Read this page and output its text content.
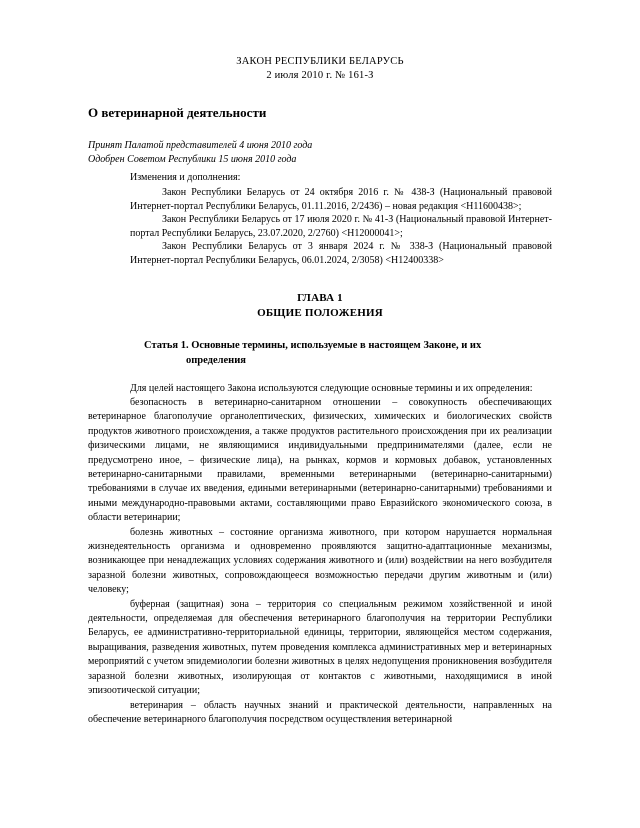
ЗАКОН РЕСПУБЛИКИ БЕЛАРУСЬ
2 июля 2010 г. № 161-З
О ветеринарной деятельности
Принят Палатой представителей 4 июня 2010 года
Одобрен Советом Республики 15 июня 2010 года
Изменения и дополнения:

Закон Республики Беларусь от 24 октября 2016 г. № 438-З (Национальный правовой Интернет-портал Республики Беларусь, 01.11.2016, 2/2436) – новая редакция <H11600438>;

Закон Республики Беларусь от 17 июля 2020 г. № 41-З (Национальный правовой Интернет-портал Республики Беларусь, 23.07.2020, 2/2760) <H12000041>;

Закон Республики Беларусь от 3 января 2024 г. № 338-З (Национальный правовой Интернет-портал Республики Беларусь, 06.01.2024, 2/3058) <H12400338>

ГЛАВА 1
ОБЩИЕ ПОЛОЖЕНИЯ
Статья 1. Основные термины, используемые в настоящем Законе, и их
определения

Для целей настоящего Закона используются следующие основные термины и их определения:

безопасность в ветеринарно-санитарном отношении – совокупность обеспечивающих ветеринарное благополучие органолептических, физических, химических и биологических свойств продуктов животного происхождения, а также продуктов растительного происхождения при их реализации физическими лицами, не являющимися индивидуальными предпринимателями (далее, если не предусмотрено иное, – физические лица), на рынках, кормов и кормовых добавок, установленных ветеринарно-санитарными правилами, временными ветеринарными (ветеринарно-санитарными) требованиями в случае их введения, едиными ветеринарными (ветеринарно-санитарными) требованиями и иными международно-правовыми актами, составляющими право Евразийского экономического союза, в области ветеринарии;

болезнь животных – состояние организма животного, при котором нарушается нормальная жизнедеятельность организма и одновременно проявляются защитно-адаптационные механизмы, возникающее при ненадлежащих условиях содержания животного и (или) воздействии на него возбудителя заразной болезни животных, сопровождающееся возможностью передачи другим животным и (или) человеку;

буферная (защитная) зона – территория со специальным режимом хозяйственной и иной деятельности, определяемая для обеспечения ветеринарного благополучия на территории Республики Беларусь, ее административно-территориальной единицы, территории, являющейся местом содержания, выращивания, разведения животных, путем проведения комплекса административных мер и ветеринарных мероприятий с учетом эпидемиологии болезни животных в целях недопущения проникновения возбудителя заразной болезни животных, изолирующая от контактов с животными, находящимися в иной эпизоотической ситуации;

ветеринария – область научных знаний и практической деятельности, направленных на обеспечение ветеринарного благополучия посредством осуществления ветеринарной
